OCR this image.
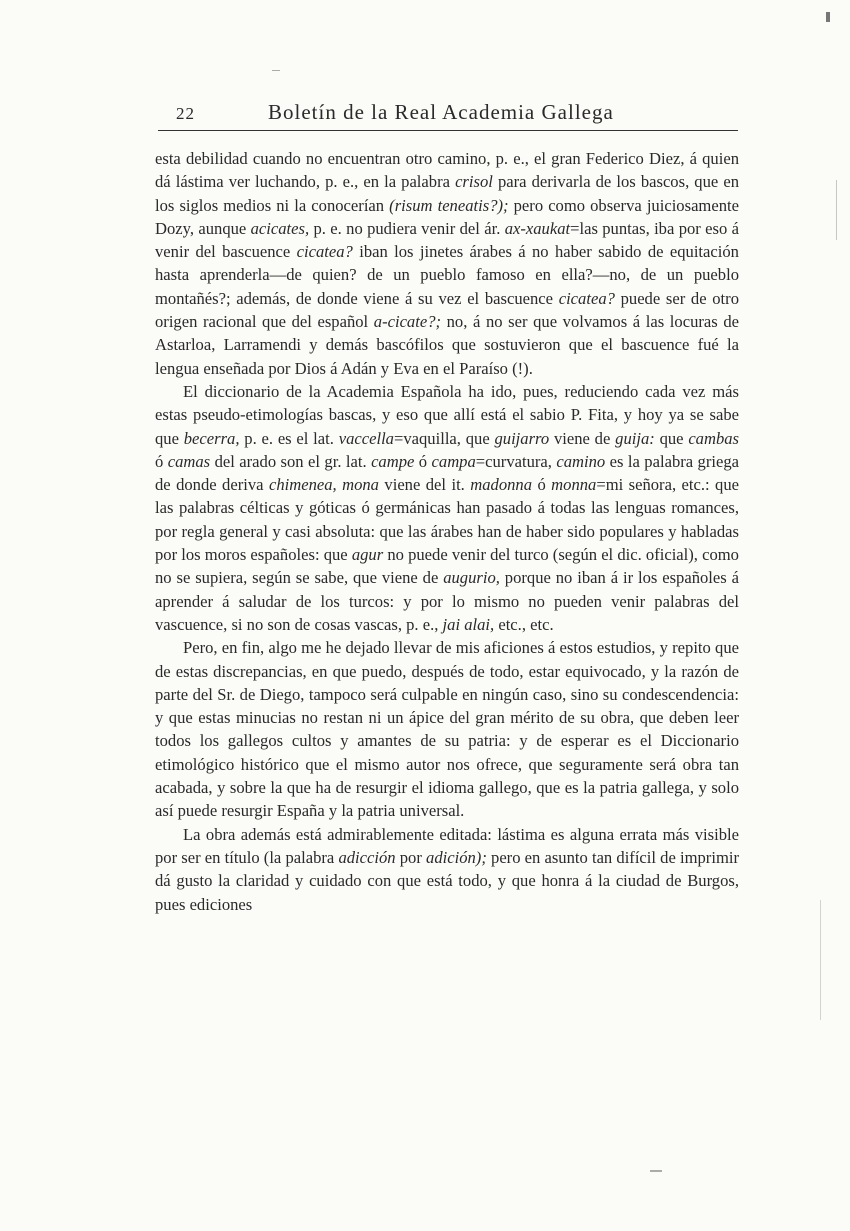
22	Boletín de la Real Academia Gallega

esta debilidad cuando no encuentran otro camino, p. e., el gran Federico Diez, á quien dá lástima ver luchando, p. e., en la palabra crisol para derivarla de los bascos, que en los siglos medios ni la conocerían (risum teneatis?); pero como observa juiciosamente Dozy, aunque acicates, p. e. no pudiera venir del ár. ax-xaukat=las puntas, iba por eso á venir del bascuence cicatea? iban los jinetes árabes á no haber sabido de equitación hasta aprenderla—de quien? de un pueblo famoso en ella?—no, de un pueblo montañés?; además, de donde viene á su vez el bascuence cicatea? puede ser de otro origen racional que del español a-cicate?; no, á no ser que volvamos á las locuras de Astarloa, Larramendi y demás bascófilos que sostuvieron que el bascuence fué la lengua enseñada por Dios á Adán y Eva en el Paraíso (!).

El diccionario de la Academia Española ha ido, pues, reduciendo cada vez más estas pseudo-etimologías bascas, y eso que allí está el sabio P. Fita, y hoy ya se sabe que becerra, p. e. es el lat. vaccella=vaquilla, que guijarro viene de guija: que cambas ó camas del arado son el gr. lat. campe ó campa=curvatura, camino es la palabra griega de donde deriva chimenea, mona viene del it. madonna ó monna=mi señora, etc.: que las palabras célticas y góticas ó germánicas han pasado á todas las lenguas romances, por regla general y casi absoluta: que las árabes han de haber sido populares y habladas por los moros españoles: que agur no puede venir del turco (según el dic. oficial), como no se supiera, según se sabe, que viene de augurio, porque no iban á ir los españoles á aprender á saludar de los turcos: y por lo mismo no pueden venir palabras del vascuence, si no son de cosas vascas, p. e., jai alai, etc., etc.

Pero, en fin, algo me he dejado llevar de mis aficiones á estos estudios, y repito que de estas discrepancias, en que puedo, después de todo, estar equivocado, y la razón de parte del Sr. de Diego, tampoco será culpable en ningún caso, sino su condescendencia: y que estas minucias no restan ni un ápice del gran mérito de su obra, que deben leer todos los gallegos cultos y amantes de su patria: y de esperar es el Diccionario etimológico histórico que el mismo autor nos ofrece, que seguramente será obra tan acabada, y sobre la que ha de resurgir el idioma gallego, que es la patria gallega, y solo así puede resurgir España y la patria universal.

La obra además está admirablemente editada: lástima es alguna errata más visible por ser en título (la palabra adicción por adición); pero en asunto tan difícil de imprimir dá gusto la claridad y cuidado con que está todo, y que honra á la ciudad de Burgos, pues ediciones
